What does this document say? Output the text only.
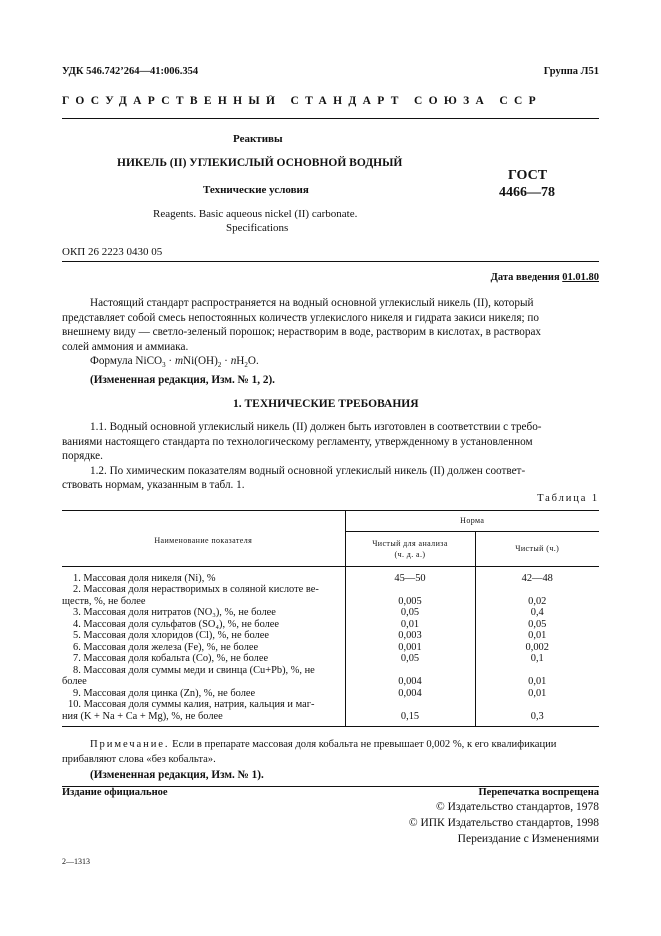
УДК 546.742’264—41:006.354	Группа Л51
ГОСУДАРСТВЕННЫЙ СТАНДАРТ СОЮЗА ССР
Реактивы
НИКЕЛЬ (II) УГЛЕКИСЛЫЙ ОСНОВНОЙ ВОДНЫЙ
Технические условия
Reagents. Basic aqueous nickel (II) carbonate.
Specifications
ГОСТ
4466—78
ОКП 26 2223 0430 05
Дата введения 01.01.80
Настоящий стандарт распространяется на водный основной углекислый никель (II), который
представляет собой смесь непостоянных количеств углекислого никеля и гидрата закиси никеля; по
внешнему виду — светло-зеленый порошок; нерастворим в воде, растворим в кислотах, в растворах
солей аммония и аммиака.
Формула NiCO$_3$ · $mNi(OH)_2 \cdot nH_2O$.
(Измененная редакция, Изм. № 1, 2).
1. ТЕХНИЧЕСКИЕ ТРЕБОВАНИЯ
1.1. Водный основной углекислый никель (II) должен быть изготовлен в соответствии с требо-
ваниями настоящего стандарта по технологическому регламенту, утвержденному в установленном
порядке.
1.2. По химическим показателям водный основной углекислый никель (II) должен соответ-
ствовать нормам, указанным в табл. 1.
Таблица 1
Наименование показателя	Норма	

	Чистый для анализа
(ч. д. а.)	Чистый (ч.)

1. Массовая доля никеля (Ni), %	45—50	42—48

2. Массовая доля нерастворимых в соляной кислоте ве-
ществ, %, не более	0,005	0,02

3. Массовая доля нитратов (NO₃), %, не более	0,05	0,4

4. Массовая доля сульфатов (SO₄), %, не более	0,01	0,05

5. Массовая доля хлоридов (Cl), %, не более	0,003	0,01

6. Массовая доля железа (Fe), %, не более	0,001	0,002

7. Массовая доля кобальта (Co), %, не более	0,05	0,1

8. Массовая доля суммы меди и свинца (Cu+Pb), %, не
более	0,004	0,01

9. Массовая доля цинка (Zn), %, не более	0,004	0,01

10. Массовая доля суммы калия, натрия, кальция и маг-
ния (K + Na + Ca + Mg), %, не более	0,15	0,3
Примечание. Если в препарате массовая доля кобальта не превышает 0,002 %, к его квалификации
прибавляют слова «без кобальта».
(Измененная редакция, Изм. № 1).
Издание официальное	Перепечатка воспрещена
© Издательство стандартов, 1978
© ИПК Издательство стандартов, 1998
Переиздание с Изменениями
2—1313
